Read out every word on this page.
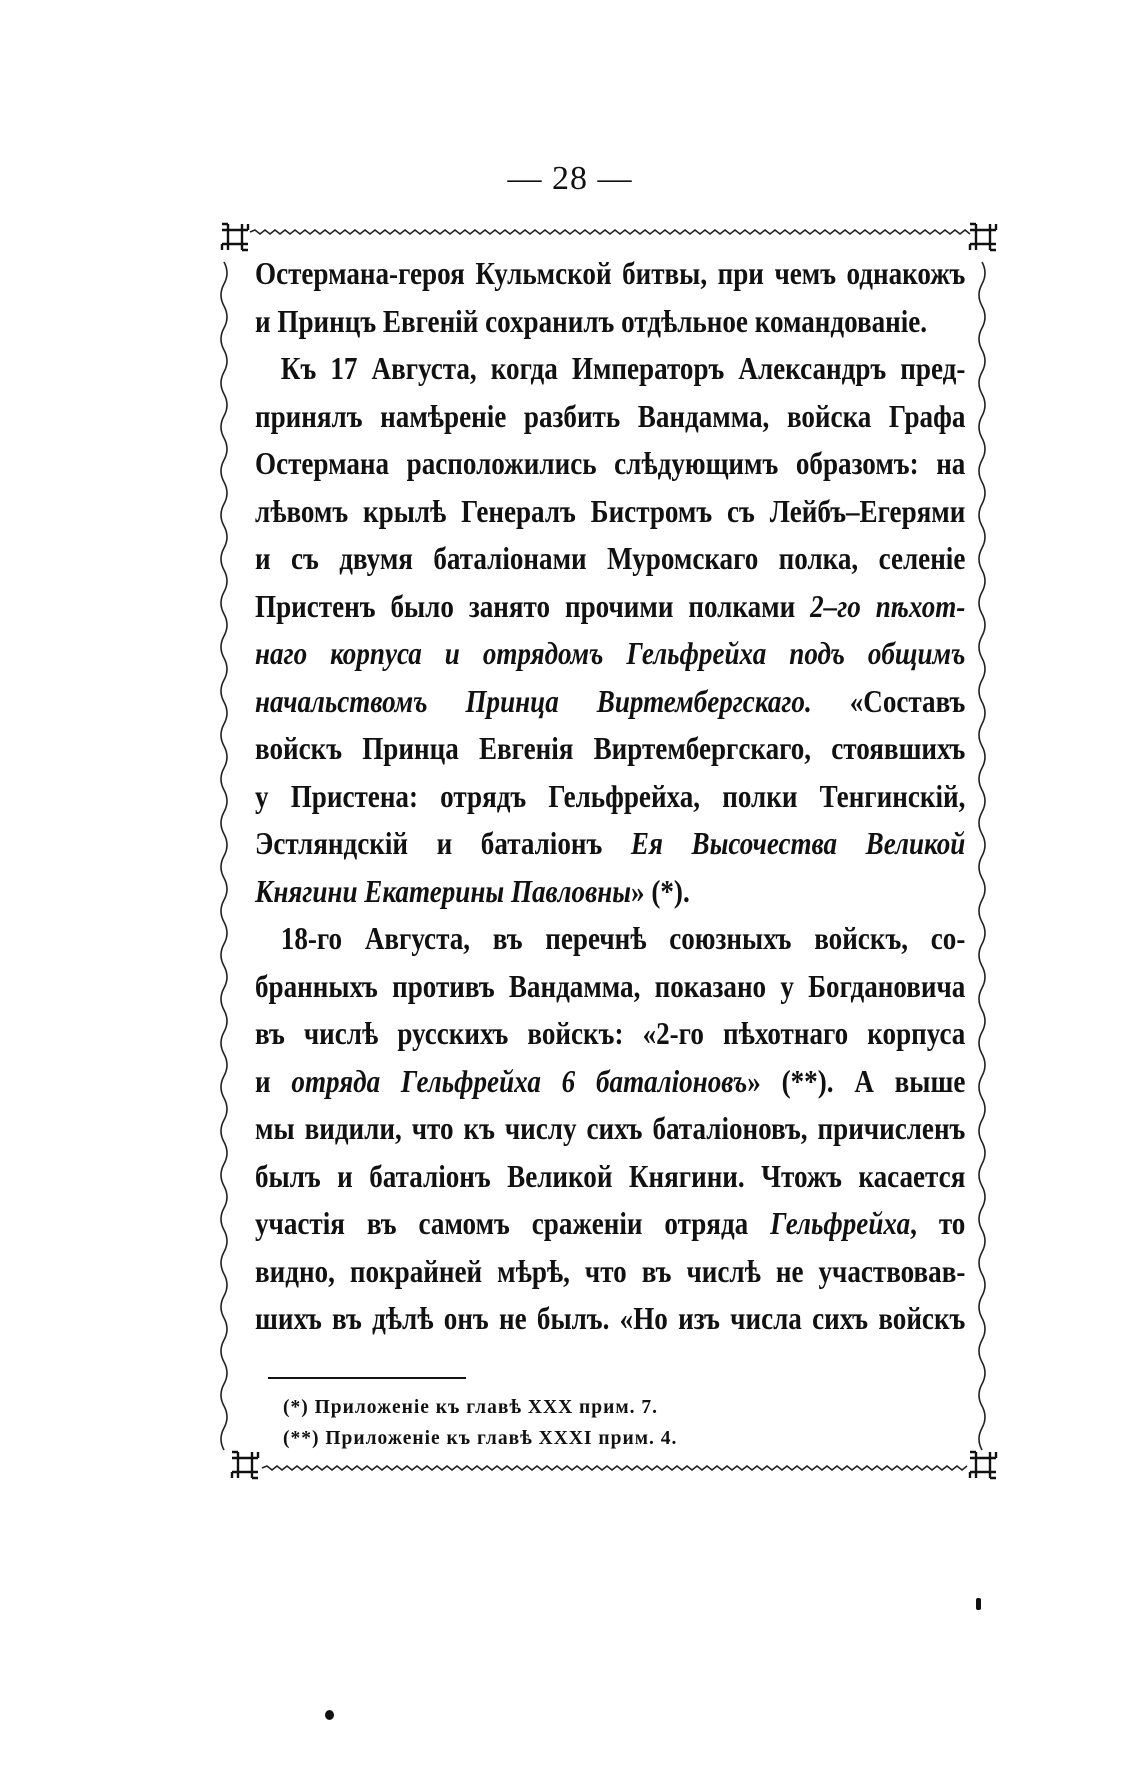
— 28 —
Остермана-героя Кульмской битвы, при чемъ однакожъ
и Принцъ Евгеній сохранилъ отдѣльное командованіе.
Къ 17 Августа, когда Императоръ Александръ пред-
принялъ намѣреніе разбить Вандамма, войска Графа
Остермана расположились слѣдующимъ образомъ: на
лѣвомъ крылѣ Генералъ Бистромъ съ Лейбъ–Егерями
и съ двумя баталіонами Муромскаго полка, селеніе
Пристенъ было занято прочими полками 2–го пѣхот-
наго корпуса и отрядомъ Гельфрейха подъ общимъ
начальствомъ Принца Виртембергскаго. «Составъ
войскъ Принца Евгенія Виртембергскаго, стоявшихъ
у Пристена: отрядъ Гельфрейха, полки Тенгинскій,
Эстляндскій и баталіонъ Ея Высочества Великой
Княгини Екатерины Павловны» (*).
18-го Августа, въ перечнѣ союзныхъ войскъ, со-
бранныхъ противъ Вандамма, показано у Богдановича
въ числѣ русскихъ войскъ: «2-го пѣхотнаго корпуса
и отряда Гельфрейха 6 баталіоновъ» (**). А выше
мы видили, что къ числу сихъ баталіоновъ, причисленъ
былъ и баталіонъ Великой Княгини. Чтожъ касается
участія въ самомъ сраженіи отряда Гельфрейха, то
видно, покрайней мѣрѣ, что въ числѣ не участвовав-
шихъ въ дѣлѣ онъ не былъ. «Но изъ числа сихъ войскъ
(*) Приложеніе къ главѣ XXX прим. 7.
(**) Приложеніе къ главѣ XXXI прим. 4.
